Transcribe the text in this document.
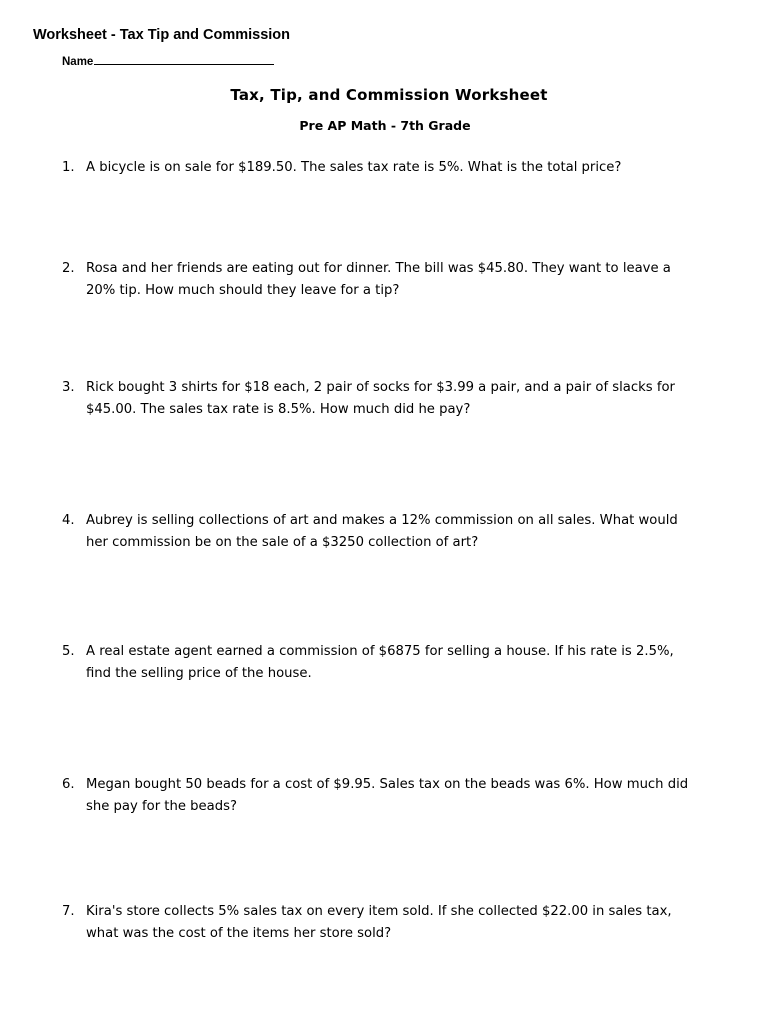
Worksheet - Tax Tip and Commission
Name
Tax, Tip, and Commission Worksheet
Pre AP Math - 7th Grade
1. A bicycle is on sale for $189.50. The sales tax rate is 5%. What is the total price?
2. Rosa and her friends are eating out for dinner. The bill was $45.80. They want to leave a 20% tip. How much should they leave for a tip?
3. Rick bought 3 shirts for $18 each, 2 pair of socks for $3.99 a pair, and a pair of slacks for $45.00. The sales tax rate is 8.5%. How much did he pay?
4. Aubrey is selling collections of art and makes a 12% commission on all sales. What would her commission be on the sale of a $3250 collection of art?
5. A real estate agent earned a commission of $6875 for selling a house. If his rate is 2.5%, find the selling price of the house.
6. Megan bought 50 beads for a cost of $9.95. Sales tax on the beads was 6%. How much did she pay for the beads?
7. Kira's store collects 5% sales tax on every item sold. If she collected $22.00 in sales tax, what was the cost of the items her store sold?
